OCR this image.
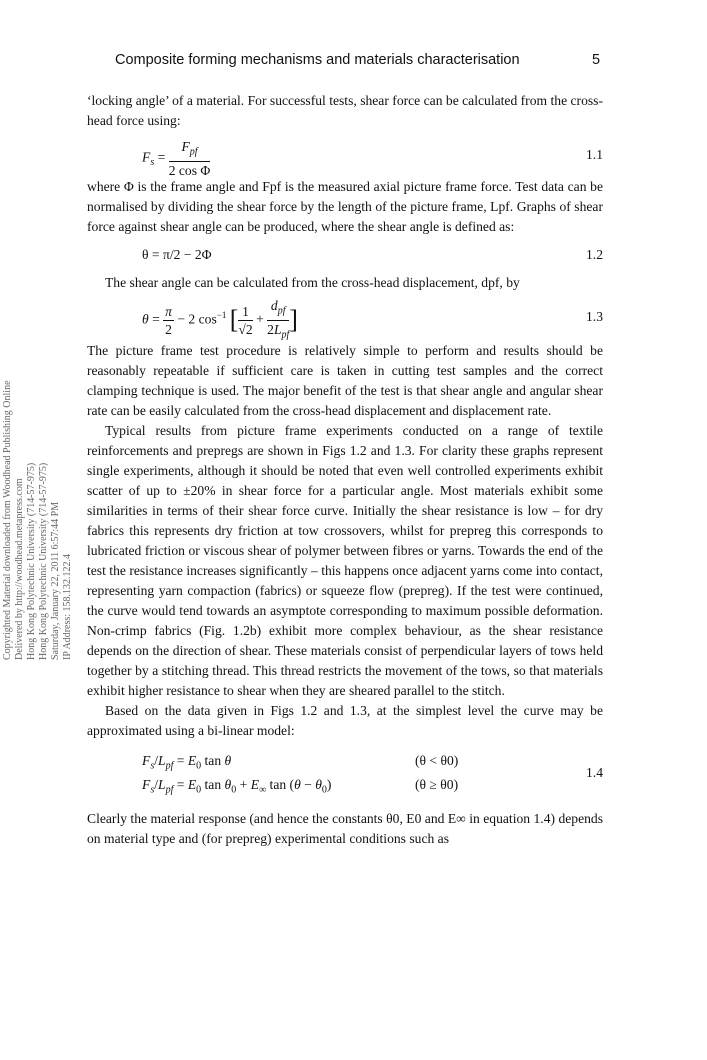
Composite forming mechanisms and materials characterisation	5
Copyrighted Material downloaded from Woodhead Publishing Online Delivered by http://woodhead.metapress.com Hong Kong Polytechnic University (714-57-975) Hong Kong Polytechnic University (714-57-975) Saturday, January 22, 2011 6:57:44 PM IP Address: 158.132.122.4

‘locking angle’ of a material. For successful tests, shear force can be calculated from the cross-head force using:

$F_s = \frac{F_{pf}}{\text{2 cos Φ}}$	1.1

where Φ is the frame angle and Fpf is the measured axial picture frame force. Test data can be normalised by dividing the shear force by the length of the picture frame, Lpf. Graphs of shear force against shear angle can be produced, where the shear angle is defined as:

θ = π/2 − 2Φ	1.2

The shear angle can be calculated from the cross-head displacement, dpf, by

$\theta = \frac{\pi}{2} - 2$ $\cos^{-1}$ [ $\frac{1}{√2} + \frac{d_{pf}}{2L_{pf}}$ ]	1.3

The picture frame test procedure is relatively simple to perform and results should be reasonably repeatable if sufficient care is taken in cutting test samples and the correct clamping technique is used. The major benefit of the test is that shear angle and angular shear rate can be easily calculated from the cross-head displacement and displacement rate.

Typical results from picture frame experiments conducted on a range of textile reinforcements and prepregs are shown in Figs 1.2 and 1.3. For clarity these graphs represent single experiments, although it should be noted that even well controlled experiments exhibit scatter of up to ±20% in shear force for a particular angle. Most materials exhibit some similarities in terms of their shear force curve. Initially the shear resistance is low – for dry fabrics this represents dry friction at tow crossovers, whilst for prepreg this corresponds to lubricated friction or viscous shear of polymer between fibres or yarns. Towards the end of the test the resistance increases significantly – this happens once adjacent yarns come into contact, representing yarn compaction (fabrics) or squeeze flow (prepreg). If the test were continued, the curve would tend towards an asymptote corresponding to maximum possible deformation. Non-crimp fabrics (Fig. 1.2b) exhibit more complex behaviour, as the shear resistance depends on the direction of shear. These materials consist of perpendicular layers of tows held together by a stitching thread. This thread restricts the movement of the tows, so that materials exhibit higher resistance to shear when they are sheared parallel to the stitch.

Based on the data given in Figs 1.2 and 1.3, at the simplest level the curve may be approximated using a bi-linear model:

$F_s/L_{pf} = E_0$ tan θ	(θ < θ0)
$F_s/L_{pf} = E_0$ $\tan \theta_0 + E_\infty$ $\tan (\theta - \theta_0)$	(θ ≥ θ0)
1.4

Clearly the material response (and hence the constants θ0, E0 and E∞ in equation 1.4) depends on material type and (for prepreg) experimental conditions such as
